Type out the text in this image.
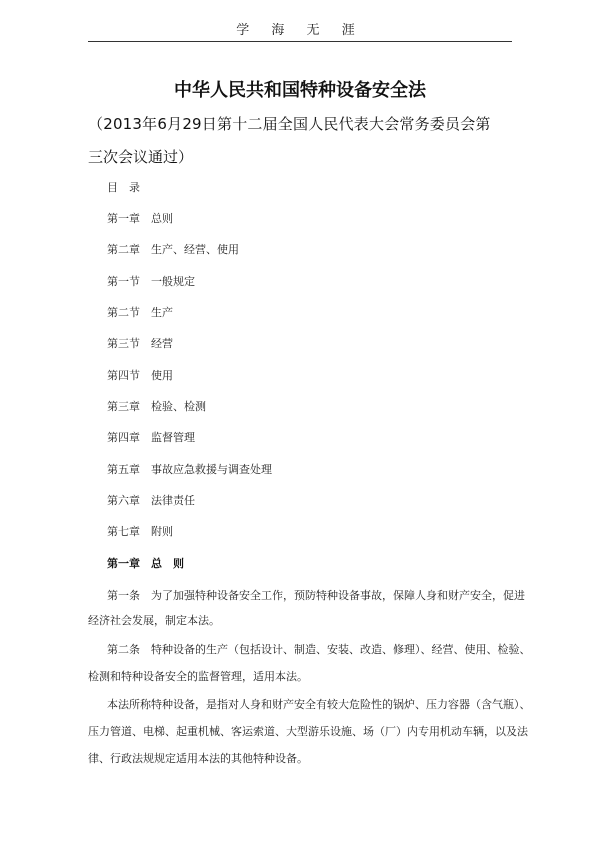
学 海 无 涯
中华人民共和国特种设备安全法
（2013年6月29日第十二届全国人民代表大会常务委员会第
三次会议通过）
目　录
第一章　总则
第二章　生产、经营、使用
第一节　一般规定
第二节　生产
第三节　经营
第四节　使用
第三章　检验、检测
第四章　监督管理
第五章　事故应急救援与调查处理
第六章　法律责任
第七章　附则
第一章　总　则
第一条　为了加强特种设备安全工作，预防特种设备事故，保障人身和财产安全，促进
经济社会发展，制定本法。
第二条　特种设备的生产（包括设计、制造、安装、改造、修理）、经营、使用、检验、
检测和特种设备安全的监督管理，适用本法。
本法所称特种设备，是指对人身和财产安全有较大危险性的锅炉、压力容器（含气瓶）、
压力管道、电梯、起重机械、客运索道、大型游乐设施、场（厂）内专用机动车辆，以及法
律、行政法规规定适用本法的其他特种设备。
